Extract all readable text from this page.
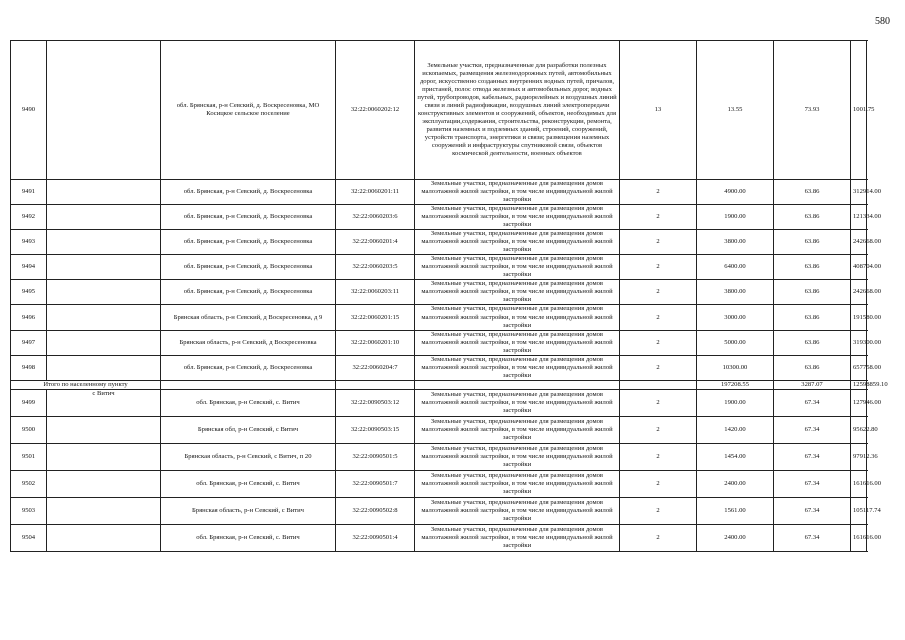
580
9490		обл. Брянская, р-н Севский, д. Воскресеновка, МО Косицкое сельское поселение	32:22:0060202:12	Земельные участки, предназначенные для разработки полезных ископаемых, размещения железнодорожных путей, автомобильных дорог, искусственно созданных внутренних водных путей, причалов, пристаней, полос отвода железных и автомобильных дорог, водных путей, трубопроводов, кабельных, радиорелейных и воздушных линий связи и линий радиофикации, воздушных линий электропередачи конструктивных элементов и сооружений, объектов, необходимых для эксплуатации,содержания, строительства, реконструкции, ремонта, развития наземных и подземных зданий, строений, сооружений, устройств транспорта, энергетики и связи; размещения наземных сооружений и инфраструктуры спутниковой связи, объектов космической деятельности, военных объектов	13	13.55	73.93	1001.75
9491		обл. Брянская, р-н Севский, д. Воскресеновка	32:22:0060201:11	Земельные участки, предназначенные для размещения домов малоэтажной жилой застройки, в том числе индивидуальной жилой застройки	2	4900.00	63.86	312914.00
9492		обл. Брянская, р-н Севский, д. Воскресеновка	32:22:0060203:6	Земельные участки, предназначенные для размещения домов малоэтажной жилой застройки, в том числе индивидуальной жилой застройки	2	1900.00	63.86	121334.00
9493		обл. Брянская, р-н Севский, д. Воскресеновка	32:22:0060201:4	Земельные участки, предназначенные для размещения домов малоэтажной жилой застройки, в том числе индивидуальной жилой застройки	2	3800.00	63.86	242668.00
9494		обл. Брянская, р-н Севский, д. Воскресеновка	32:22:0060203:5	Земельные участки, предназначенные для размещения домов малоэтажной жилой застройки, в том числе индивидуальной жилой застройки	2	6400.00	63.86	408704.00
9495		обл. Брянская, р-н Севский, д. Воскресеновка	32:22:0060203:11	Земельные участки, предназначенные для размещения домов малоэтажной жилой застройки, в том числе индивидуальной жилой застройки	2	3800.00	63.86	242668.00
9496		Брянская область, р-н Севский, д Воскресеновка, д 9	32:22:0060201:15	Земельные участки, предназначенные для размещения домов малоэтажной жилой застройки, в том числе индивидуальной жилой застройки	2	3000.00	63.86	191580.00
9497		Брянская область, р-н Севский, д Воскресеновка	32:22:0060201:10	Земельные участки, предназначенные для размещения домов малоэтажной жилой застройки, в том числе индивидуальной жилой застройки	2	5000.00	63.86	319300.00
9498		обл. Брянская, р-н Севский, д. Воскресеновка	32:22:0060204:7	Земельные участки, предназначенные для размещения домов малоэтажной жилой застройки, в том числе индивидуальной жилой застройки	2	10300.00	63.86	657758.00
Итого по населенному пункту						197208.55	3287.07	12598859.10
9499	с Витич	обл. Брянская, р-н Севский, с. Витич	32:22:0090503:12	Земельные участки, предназначенные для размещения домов малоэтажной жилой застройки, в том числе индивидуальной жилой застройки	2	1900.00	67.34	127946.00
9500		Брянская обл, р-н Севский, с Витич	32:22:0090503:15	Земельные участки, предназначенные для размещения домов малоэтажной жилой застройки, в том числе индивидуальной жилой застройки	2	1420.00	67.34	95622.80
9501		Брянская область, р-н Севский, с Витич, п 20	32:22:0090501:5	Земельные участки, предназначенные для размещения домов малоэтажной жилой застройки, в том числе индивидуальной жилой застройки	2	1454.00	67.34	97912.36
9502		обл. Брянская, р-н Севский, с. Витич	32:22:0090501:7	Земельные участки, предназначенные для размещения домов малоэтажной жилой застройки, в том числе индивидуальной жилой застройки	2	2400.00	67.34	161616.00
9503		Брянская область, р-н Севский, с Витич	32:22:0090502:8	Земельные участки, предназначенные для размещения домов малоэтажной жилой застройки, в том числе индивидуальной жилой застройки	2	1561.00	67.34	105117.74
9504		обл. Брянская, р-н Севский, с. Витич	32:22:0090501:4	Земельные участки, предназначенные для размещения домов малоэтажной жилой застройки, в том числе индивидуальной жилой застройки	2	2400.00	67.34	161616.00
